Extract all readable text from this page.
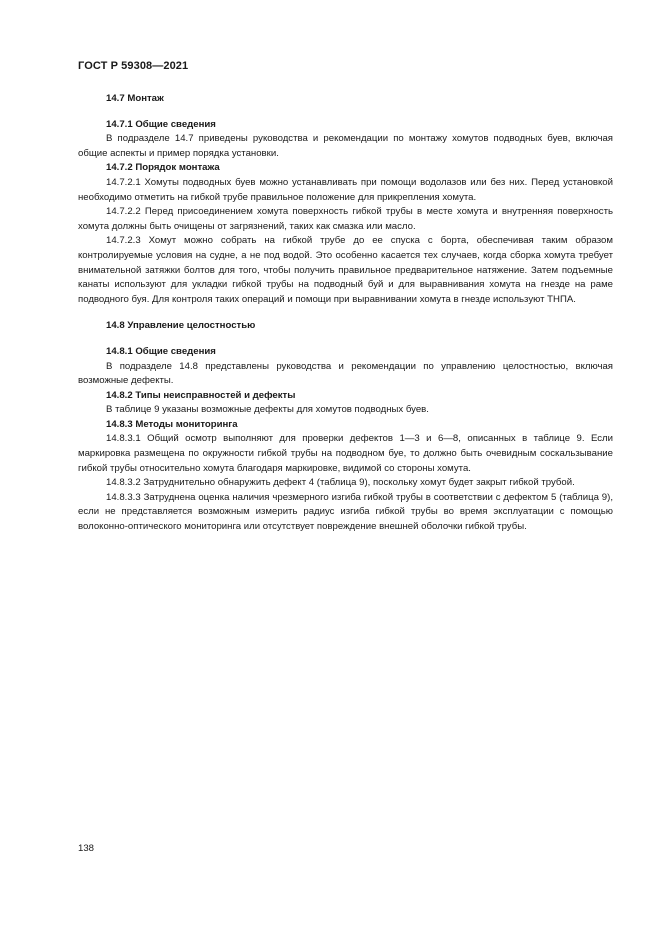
ГОСТ Р 59308—2021
14.7 Монтаж
14.7.1 Общие сведения

В подразделе 14.7 приведены руководства и рекомендации по монтажу хомутов подводных буев, включая общие аспекты и пример порядка установки.

14.7.2 Порядок монтажа

14.7.2.1 Хомуты подводных буев можно устанавливать при помощи водолазов или без них. Перед установкой необходимо отметить на гибкой трубе правильное положение для прикрепления хомута.

14.7.2.2 Перед присоединением хомута поверхность гибкой трубы в месте хомута и внутренняя поверхность хомута должны быть очищены от загрязнений, таких как смазка или масло.

14.7.2.3 Хомут можно собрать на гибкой трубе до ее спуска с борта, обеспечивая таким образом контролируемые условия на судне, а не под водой. Это особенно касается тех случаев, когда сборка хомута требует внимательной затяжки болтов для того, чтобы получить правильное предварительное натяжение. Затем подъемные канаты используют для укладки гибкой трубы на подводный буй и для выравнивания хомута на гнезде на раме подводного буя. Для контроля таких операций и помощи при выравнивании хомута в гнезде используют ТНПА.

14.8 Управление целостностью
14.8.1 Общие сведения

В подразделе 14.8 представлены руководства и рекомендации по управлению целостностью, включая возможные дефекты.

14.8.2 Типы неисправностей и дефекты

В таблице 9 указаны возможные дефекты для хомутов подводных буев.

14.8.3 Методы мониторинга

14.8.3.1 Общий осмотр выполняют для проверки дефектов 1—3 и 6—8, описанных в таблице 9. Если маркировка размещена по окружности гибкой трубы на подводном буе, то должно быть очевидным соскальзывание гибкой трубы относительно хомута благодаря маркировке, видимой со стороны хомута.

14.8.3.2 Затруднительно обнаружить дефект 4 (таблица 9), поскольку хомут будет закрыт гибкой трубой.

14.8.3.3 Затруднена оценка наличия чрезмерного изгиба гибкой трубы в соответствии с дефектом 5 (таблица 9), если не представляется возможным измерить радиус изгиба гибкой трубы во время эксплуатации с помощью волоконно-оптического мониторинга или отсутствует повреждение внешней оболочки гибкой трубы.

138
